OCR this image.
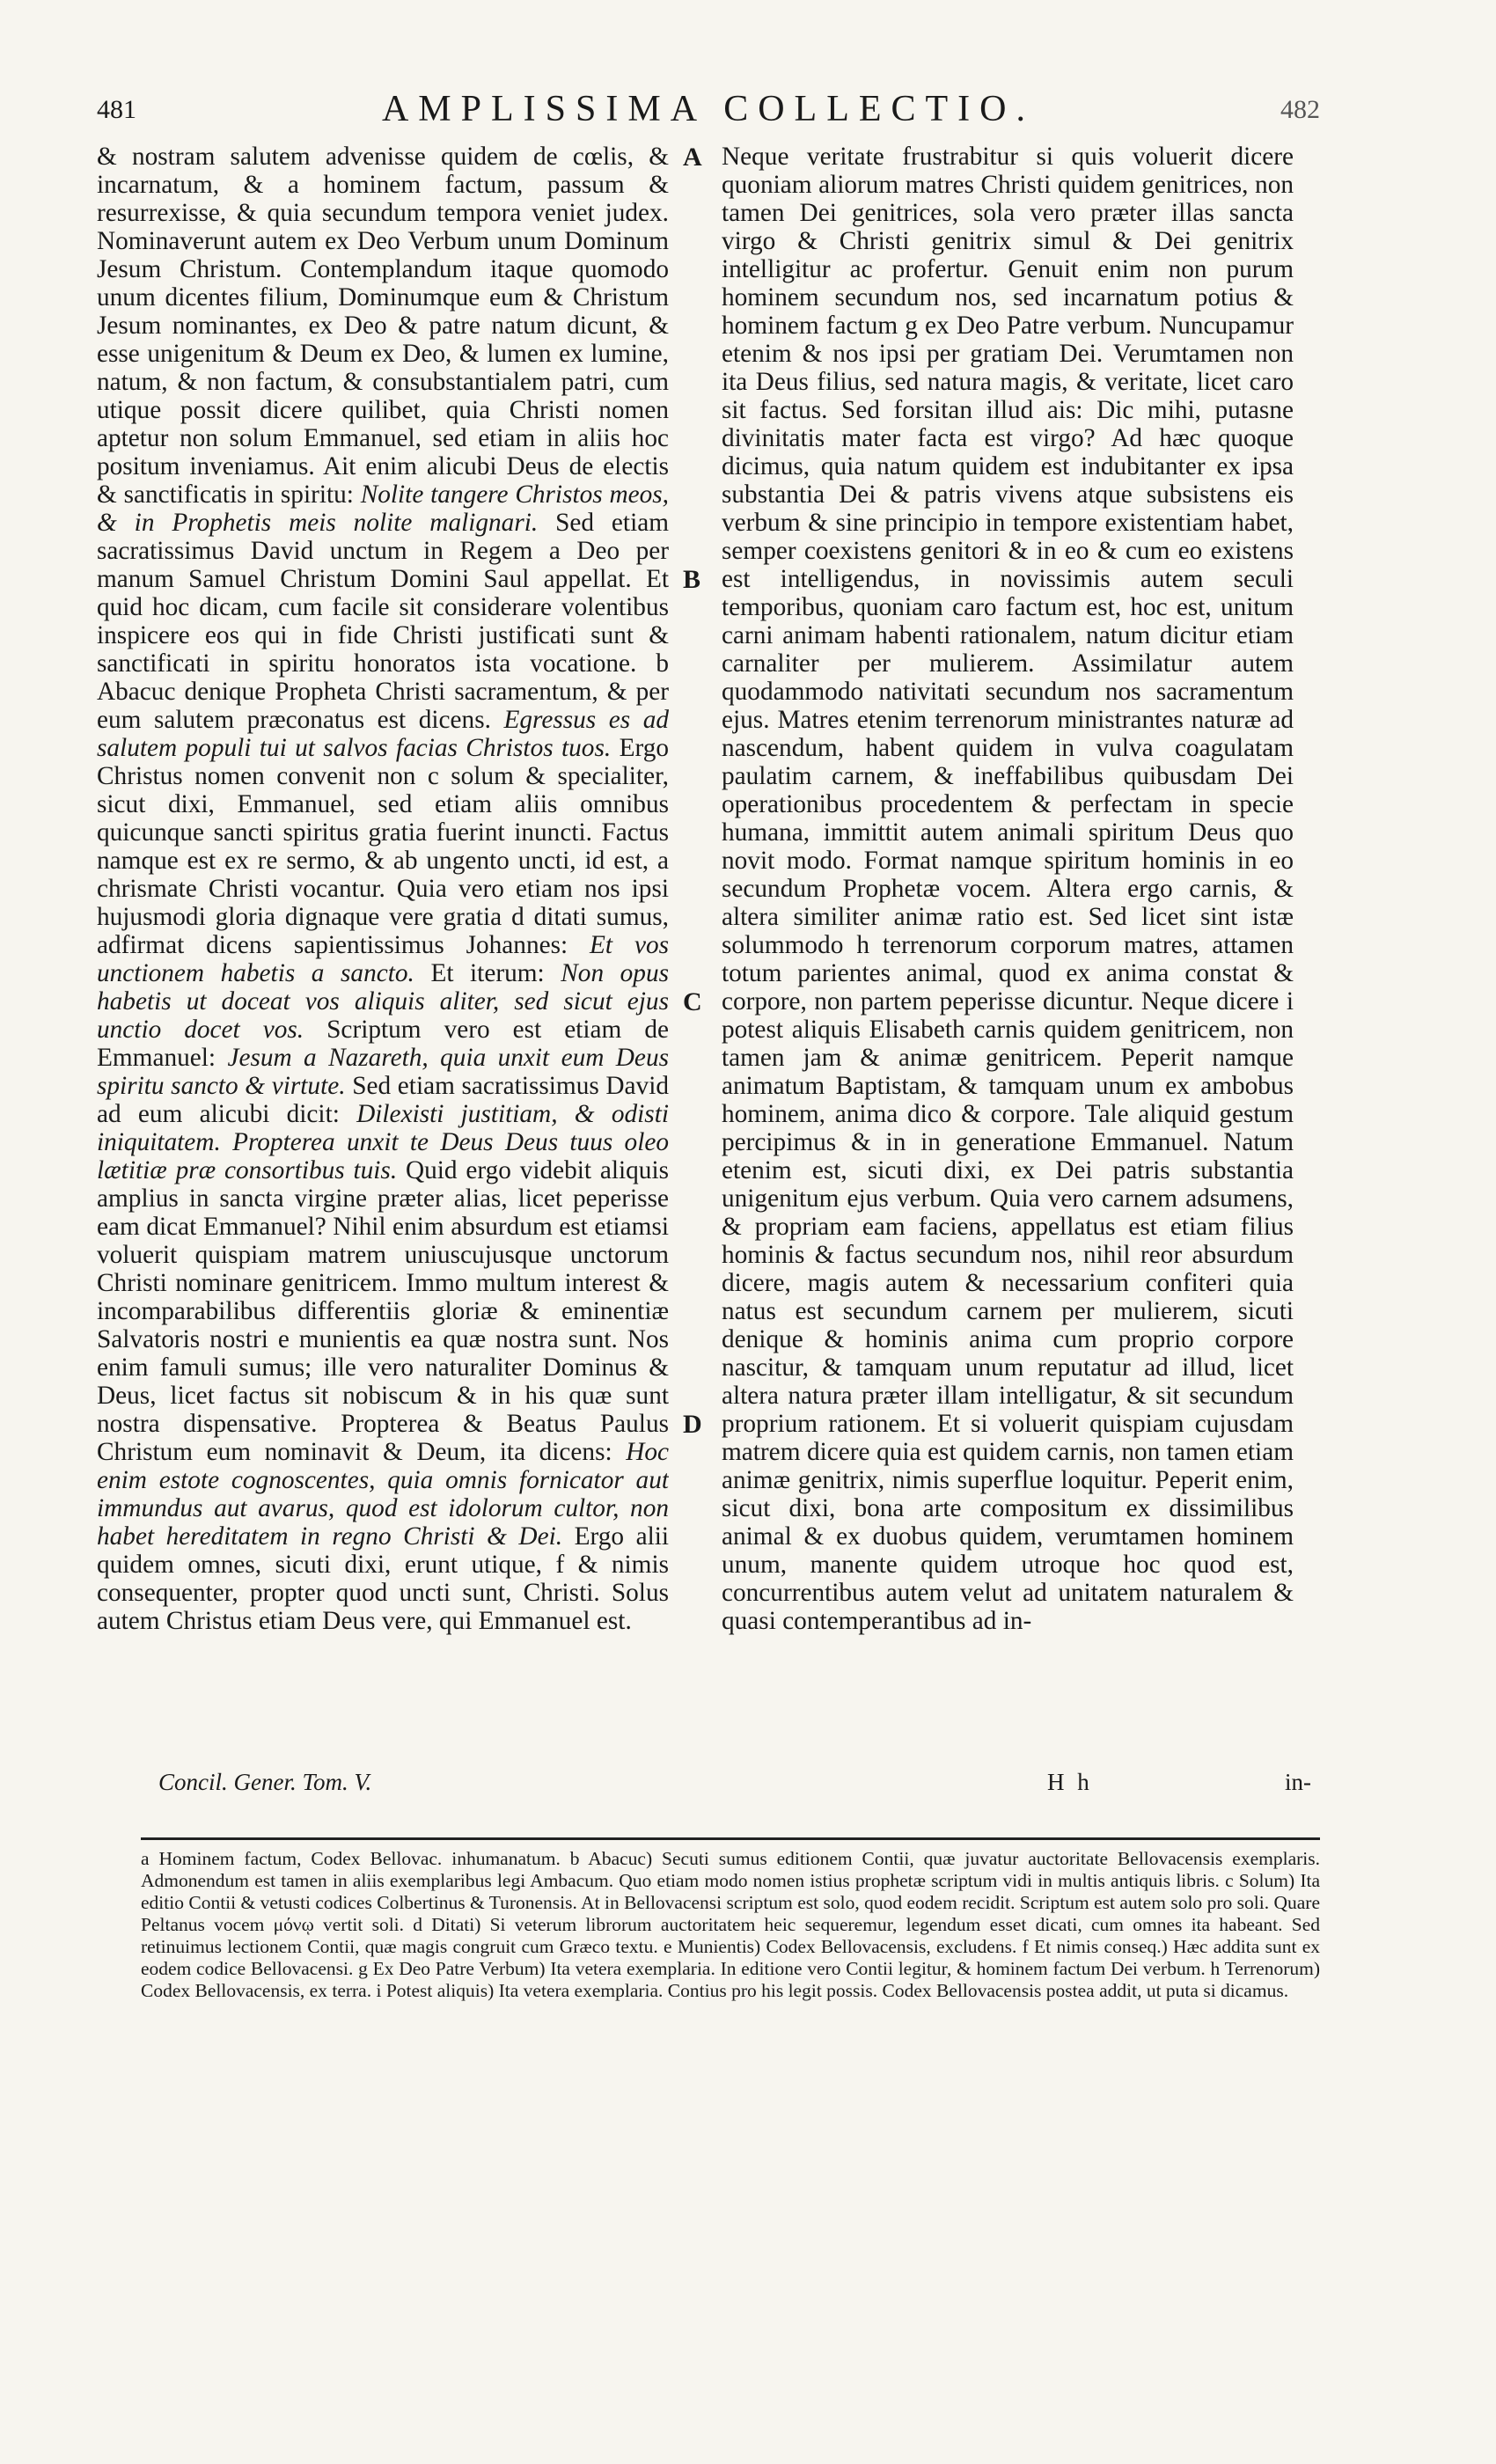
481	AMPLISSIMA COLLECTIO.	482

& nostram salutem advenisse quidem de cœlis, & incarnatum, & a hominem factum, passum & resurrexisse, & quia secundum tempora veniet judex. Nominaverunt autem ex Deo Verbum unum Dominum Jesum Christum. Contemplandum itaque quomodo unum dicentes filium, Dominumque eum & Christum Jesum nominantes, ex Deo & patre natum dicunt, & esse unigenitum & Deum ex Deo, & lumen ex lumine, natum, & non factum, & consubstantialem patri, cum utique possit dicere quilibet, quia Christi nomen aptetur non solum Emmanuel, sed etiam in aliis hoc positum inveniamus. Ait enim alicubi Deus de electis & sanctificatis in spiritu: Nolite tangere Christos meos, & in Prophetis meis nolite malignari. Sed etiam sacratissimus David unctum in Regem a Deo per manum Samuel Christum Domini Saul appellat. Et quid hoc dicam, cum facile sit considerare volentibus inspicere eos qui in fide Christi justificati sunt & sanctificati in spiritu honoratos ista vocatione. b Abacuc denique Propheta Christi sacramentum, & per eum salutem præconatus est dicens. Egressus es ad salutem populi tui ut salvos facias Christos tuos. Ergo Christus nomen convenit non c solum & specialiter, sicut dixi, Emmanuel, sed etiam aliis omnibus quicunque sancti spiritus gratia fuerint inuncti. Factus namque est ex re sermo, & ab ungento uncti, id est, a chrismate Christi vocantur. Quia vero etiam nos ipsi hujusmodi gloria dignaque vere gratia d ditati sumus, adfirmat dicens sapientissimus Johannes: Et vos unctionem habetis a sancto. Et iterum: Non opus habetis ut doceat vos aliquis aliter, sed sicut ejus unctio docet vos. Scriptum vero est etiam de Emmanuel: Jesum a Nazareth, quia unxit eum Deus spiritu sancto & virtute. Sed etiam sacratissimus David ad eum alicubi dicit: Dilexisti justitiam, & odisti iniquitatem. Propterea unxit te Deus Deus tuus oleo lætitiæ præ consortibus tuis. Quid ergo videbit aliquis amplius in sancta virgine præter alias, licet peperisse eam dicat Emmanuel? Nihil enim absurdum est etiamsi voluerit quispiam matrem uniuscujusque unctorum Christi nominare genitricem. Immo multum interest & incomparabilibus differentiis gloriæ & eminentiæ Salvatoris nostri e munientis ea quæ nostra sunt. Nos enim famuli sumus; ille vero naturaliter Dominus & Deus, licet factus sit nobiscum & in his quæ sunt nostra dispensative. Propterea & Beatus Paulus Christum eum nominavit & Deum, ita dicens: Hoc enim estote cognoscentes, quia omnis fornicator aut immundus aut avarus, quod est idolorum cultor, non habet hereditatem in regno Christi & Dei. Ergo alii quidem omnes, sicuti dixi, erunt utique, f & nimis consequenter, propter quod uncti sunt, Christi. Solus autem Christus etiam Deus vere, qui Emmanuel est.

A
B
C
D

Neque veritate frustrabitur si quis voluerit dicere quoniam aliorum matres Christi quidem genitrices, non tamen Dei genitrices, sola vero præter illas sancta virgo & Christi genitrix simul & Dei genitrix intelligitur ac profertur. Genuit enim non purum hominem secundum nos, sed incarnatum potius & hominem factum g ex Deo Patre verbum. Nuncupamur etenim & nos ipsi per gratiam Dei. Verumtamen non ita Deus filius, sed natura magis, & veritate, licet caro sit factus. Sed forsitan illud ais: Dic mihi, putasne divinitatis mater facta est virgo? Ad hæc quoque dicimus, quia natum quidem est indubitanter ex ipsa substantia Dei & patris vivens atque subsistens eis verbum & sine principio in tempore existentiam habet, semper coexistens genitori & in eo & cum eo existens est intelligendus, in novissimis autem seculi temporibus, quoniam caro factum est, hoc est, unitum carni animam habenti rationalem, natum dicitur etiam carnaliter per mulierem. Assimilatur autem quodammodo nativitati secundum nos sacramentum ejus. Matres etenim terrenorum ministrantes naturæ ad nascendum, habent quidem in vulva coagulatam paulatim carnem, & ineffabilibus quibusdam Dei operationibus procedentem & perfectam in specie humana, immittit autem animali spiritum Deus quo novit modo. Format namque spiritum hominis in eo secundum Prophetæ vocem. Altera ergo carnis, & altera similiter animæ ratio est. Sed licet sint istæ solummodo h terrenorum corporum matres, attamen totum parientes animal, quod ex anima constat & corpore, non partem peperisse dicuntur. Neque dicere i potest aliquis Elisabeth carnis quidem genitricem, non tamen jam & animæ genitricem. Peperit namque animatum Baptistam, & tamquam unum ex ambobus hominem, anima dico & corpore. Tale aliquid gestum percipimus & in in generatione Emmanuel. Natum etenim est, sicuti dixi, ex Dei patris substantia unigenitum ejus verbum. Quia vero carnem adsumens, & propriam eam faciens, appellatus est etiam filius hominis & factus secundum nos, nihil reor absurdum dicere, magis autem & necessarium confiteri quia natus est secundum carnem per mulierem, sicuti denique & hominis anima cum proprio corpore nascitur, & tamquam unum reputatur ad illud, licet altera natura præter illam intelligatur, & sit secundum proprium rationem. Et si voluerit quispiam cujusdam matrem dicere quia est quidem carnis, non tamen etiam animæ genitrix, nimis superflue loquitur. Peperit enim, sicut dixi, bona arte compositum ex dissimilibus animal & ex duobus quidem, verumtamen hominem unum, manente quidem utroque hoc quod est, concurrentibus autem velut ad unitatem naturalem & quasi contemperantibus ad in-

Concil. Gener. Tom. V.	H h	in-

a Hominem factum, Codex Bellovac. inhumanatum. b Abacuc) Secuti sumus editionem Contii, quæ juvatur auctoritate Bellovacensis exemplaris. Admonendum est tamen in aliis exemplaribus legi Ambacum. Quo etiam modo nomen istius prophetæ scriptum vidi in multis antiquis libris. c Solum) Ita editio Contii & vetusti codices Colbertinus & Turonensis. At in Bellovacensi scriptum est solo, quod eodem recidit. Scriptum est autem solo pro soli. Quare Peltanus vocem μόνῳ vertit soli. d Ditati) Si veterum librorum auctoritatem heic sequeremur, legendum esset dicati, cum omnes ita habeant. Sed retinuimus lectionem Contii, quæ magis congruit cum Græco textu. e Munientis) Codex Bellovacensis, excludens. f Et nimis conseq.) Hæc addita sunt ex eodem codice Bellovacensi. g Ex Deo Patre Verbum) Ita vetera exemplaria. In editione vero Contii legitur, & hominem factum Dei verbum. h Terrenorum) Codex Bellovacensis, ex terra. i Potest aliquis) Ita vetera exemplaria. Contius pro his legit possis. Codex Bellovacensis postea addit, ut puta si dicamus.
